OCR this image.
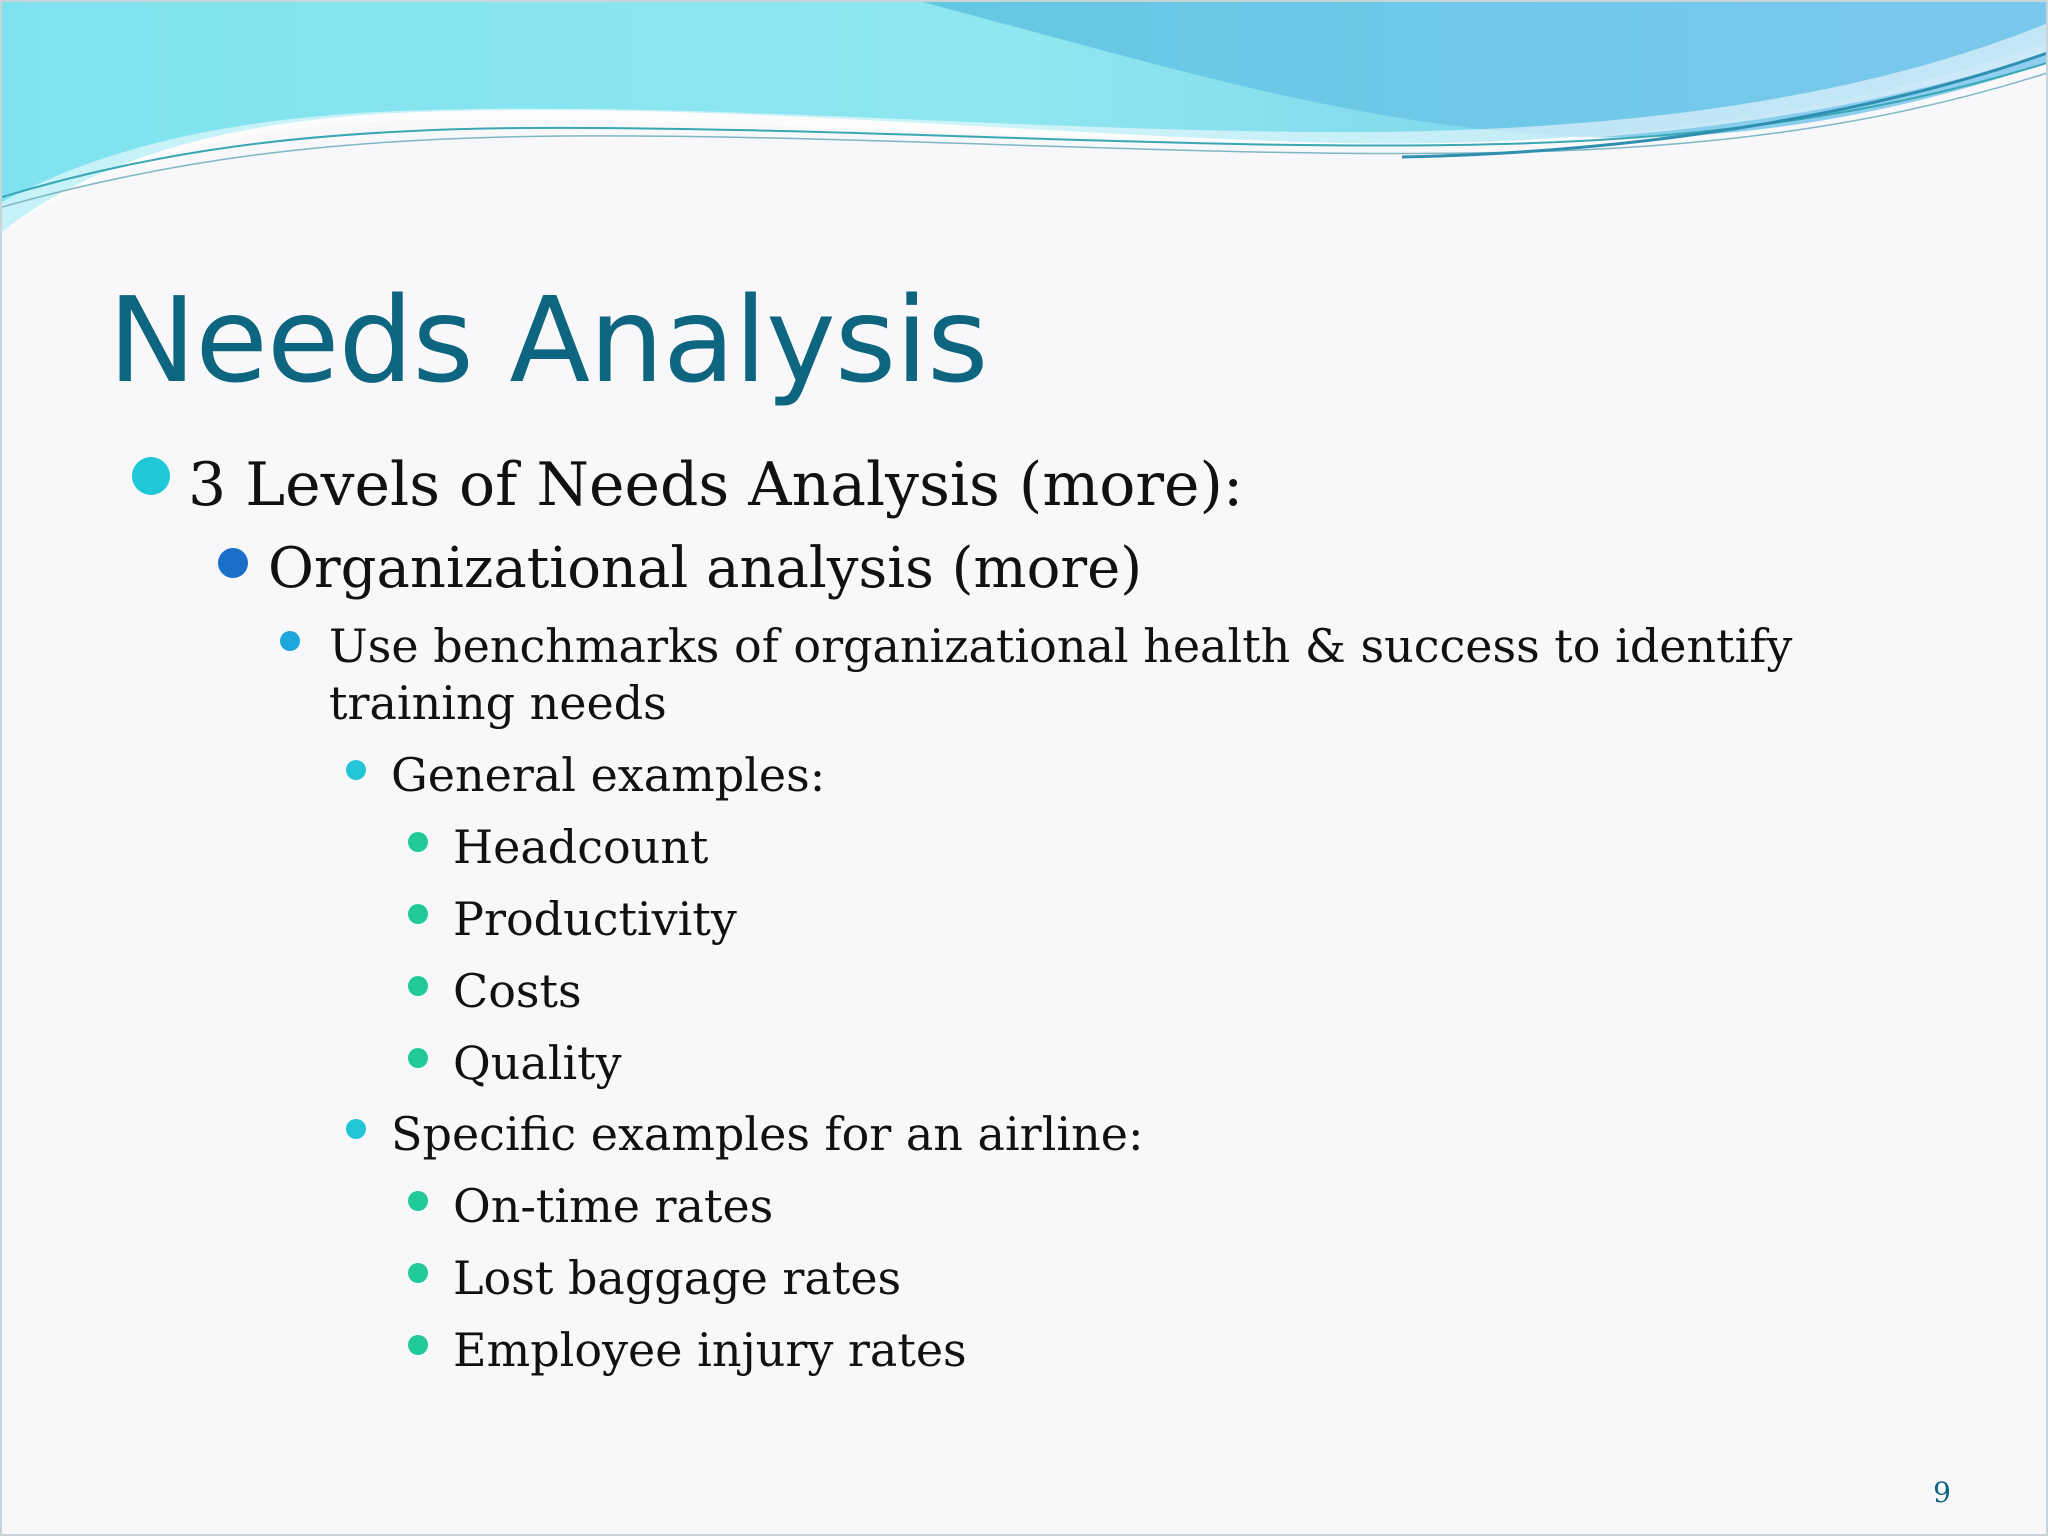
Needs Analysis

3 Levels of Needs Analysis (more):

Organizational analysis (more)

Use benchmarks of organizational health & success to identify

training needs

General examples:

Headcount

Productivity

Costs

Quality

Specific examples for an airline:

On-time rates

Lost baggage rates

Employee injury rates

9
